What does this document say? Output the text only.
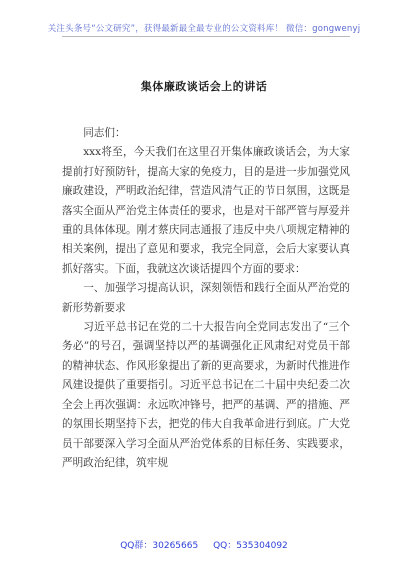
关注头条号“公文研究”，获得最新最全最专业的公文资料库！ 微信：gongwenyj
集体廉政谈话会上的讲话

同志们：

xxx将至，今天我们在这里召开集体廉政谈话会，为大家提前打好预防针，提高大家的免疫力，目的是进一步加强党风廉政建设，严明政治纪律，营造风清气正的节日氛围，这既是落实全面从严治党主体责任的要求，也是对干部严管与厚爱并重的具体体现。刚才蔡庆同志通报了违反中央八项规定精神的相关案例，提出了意见和要求，我完全同意，会后大家要认真抓好落实。下面，我就这次谈话提四个方面的要求：

一、加强学习提高认识，深刻领悟和践行全面从严治党的新形势新要求

习近平总书记在党的二十大报告向全党同志发出了“三个务必”的号召，强调坚持以严的基调强化正风肃纪对党员干部的精神状态、作风形象提出了新的更高要求，为新时代推进作风建设提供了重要指引。习近平总书记在二十届中央纪委二次全会上再次强调：永远吹冲锋号，把严的基调、严的措施、严的氛围长期坚持下去，把党的伟大自我革命进行到底。广大党员干部要深入学习全面从严治党体系的目标任务、实践要求，严明政治纪律，筑牢规

QQ群：30265665 QQ：535304092
